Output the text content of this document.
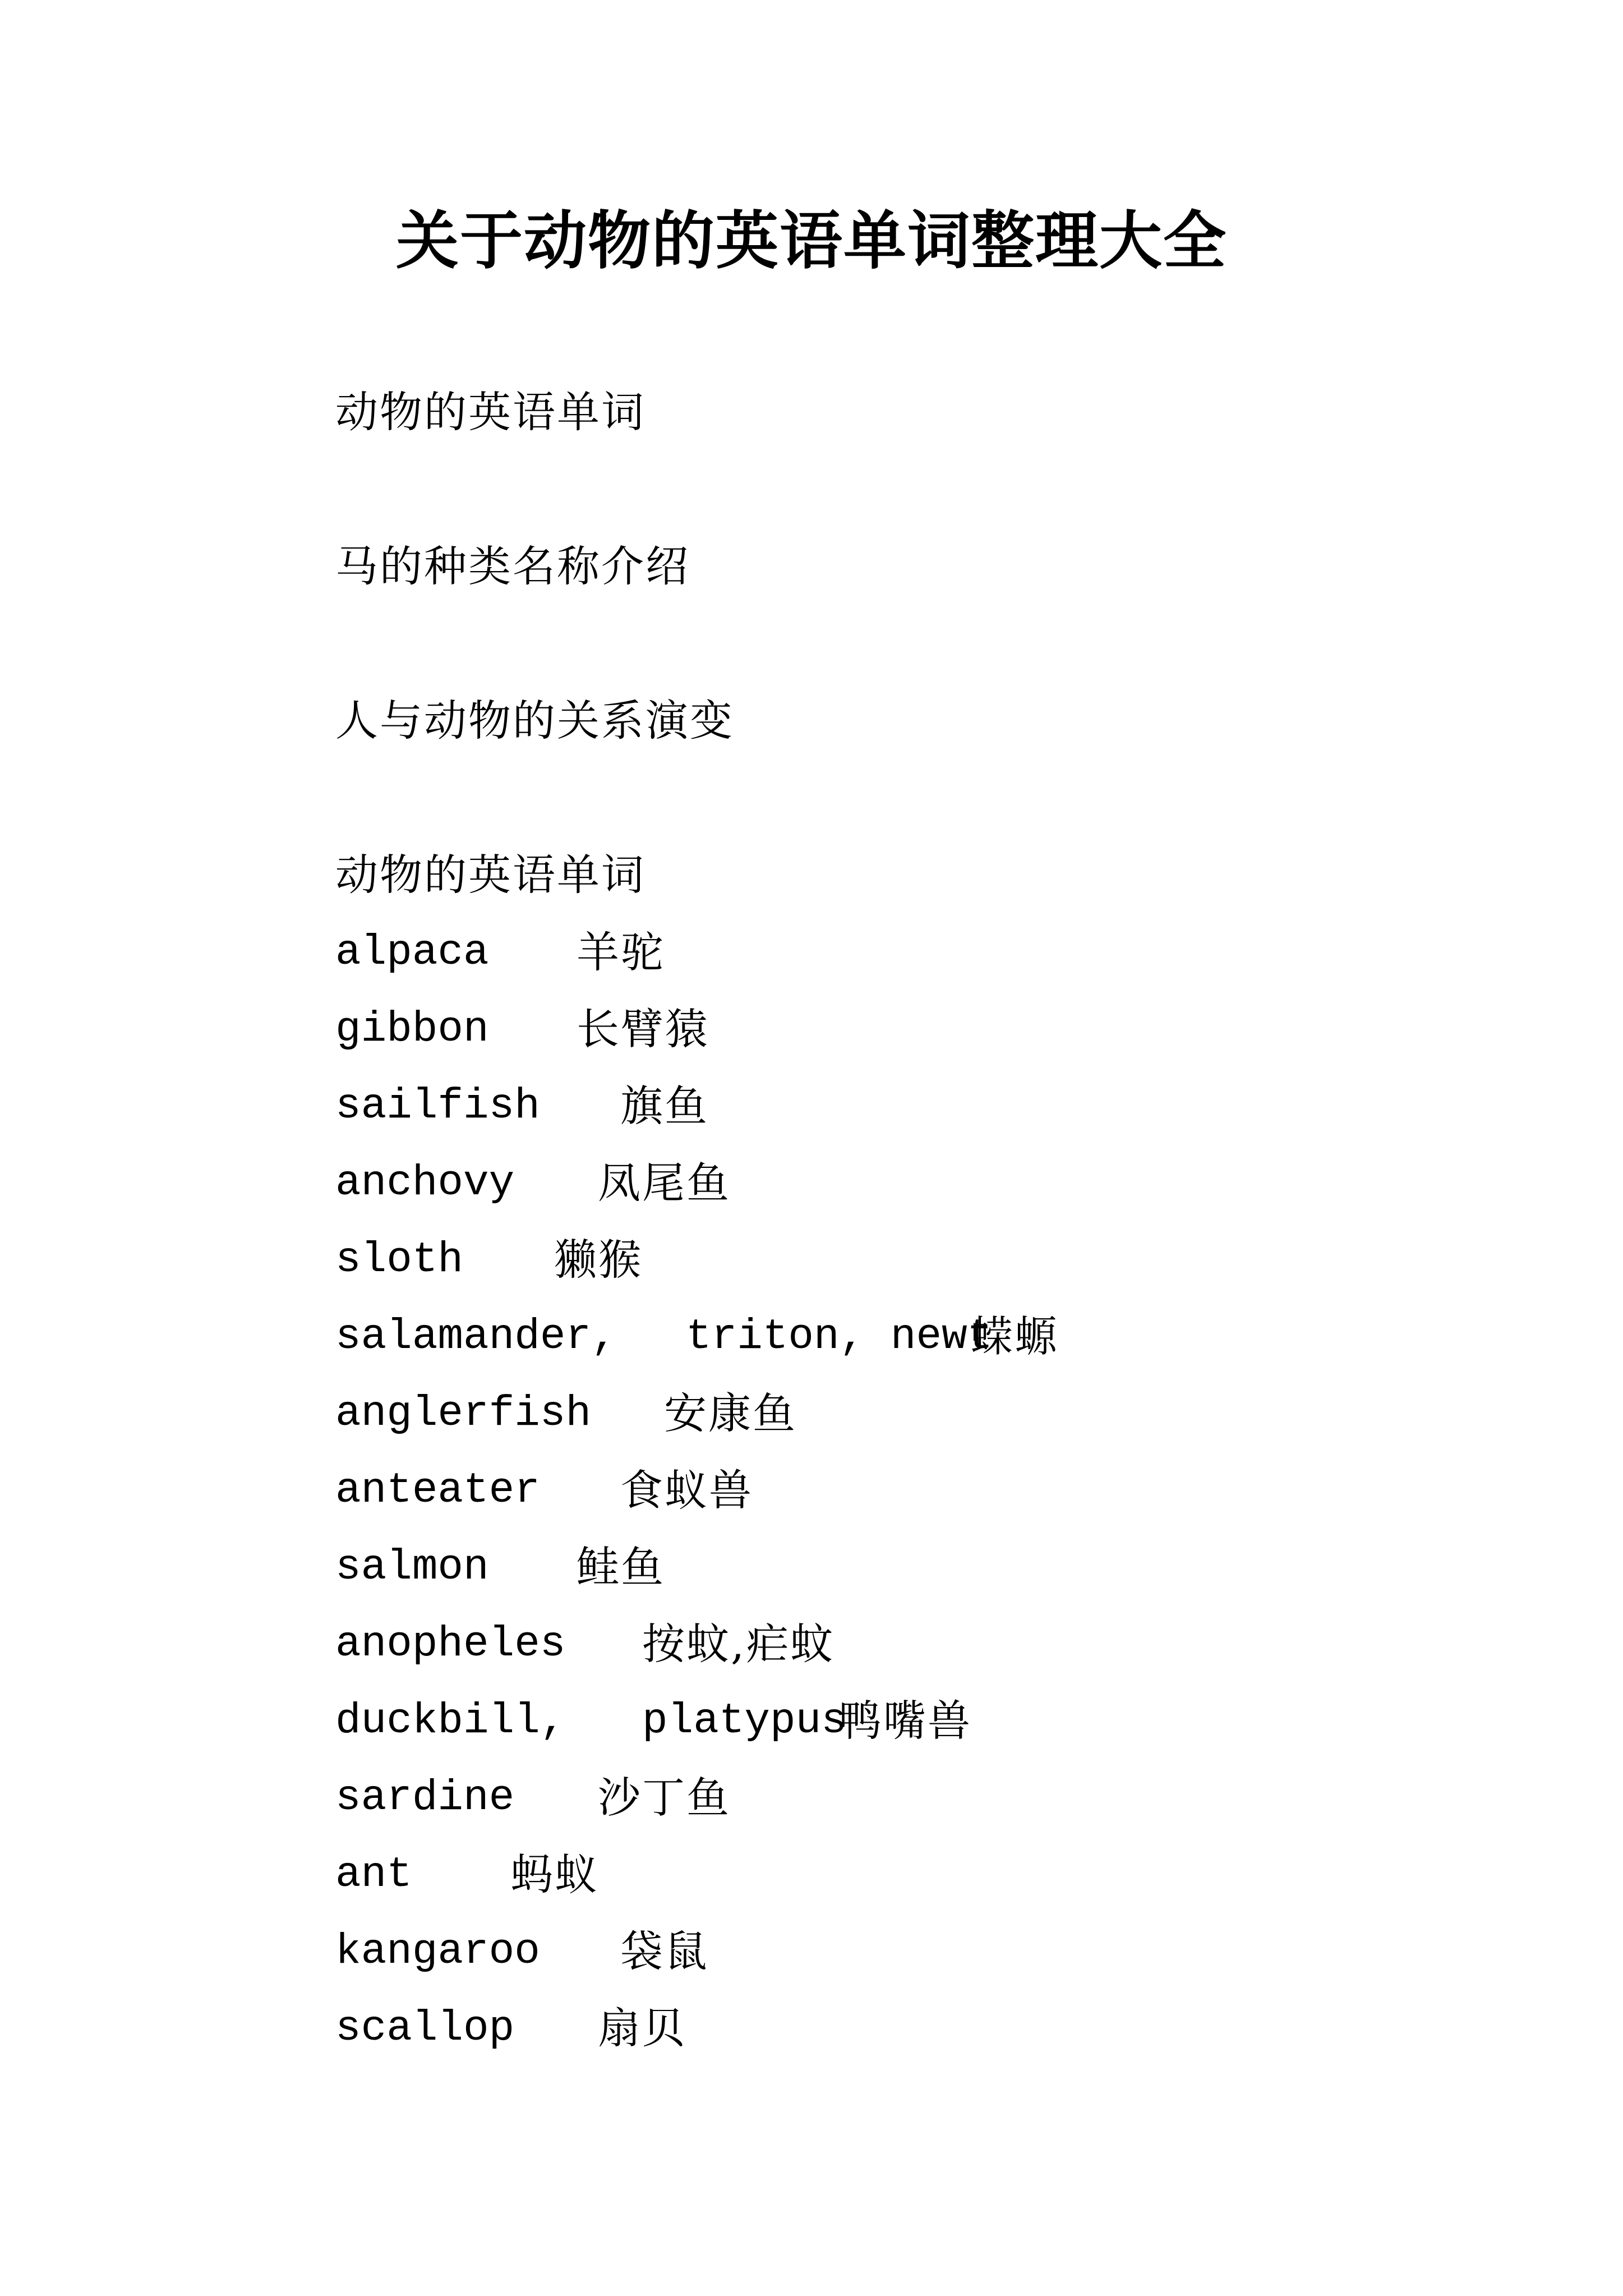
关于动物的英语单词整理大全
动物的英语单词
马的种类名称介绍
人与动物的关系演变
动物的英语单词
alpaca 羊驼
gibbon 长臂猿
sailfish 旗鱼
anchovy 凤尾鱼
sloth 獭猴
salamander, triton, newt
蝾螈
anglerfish 安康鱼
anteater 食蚁兽
salmon 鲑鱼
anopheles 按蚊,疟蚊
duckbill, platypus
鸭嘴兽
sardine 沙丁鱼
ant 蚂蚁
kangaroo 袋鼠
scallop 扇贝
